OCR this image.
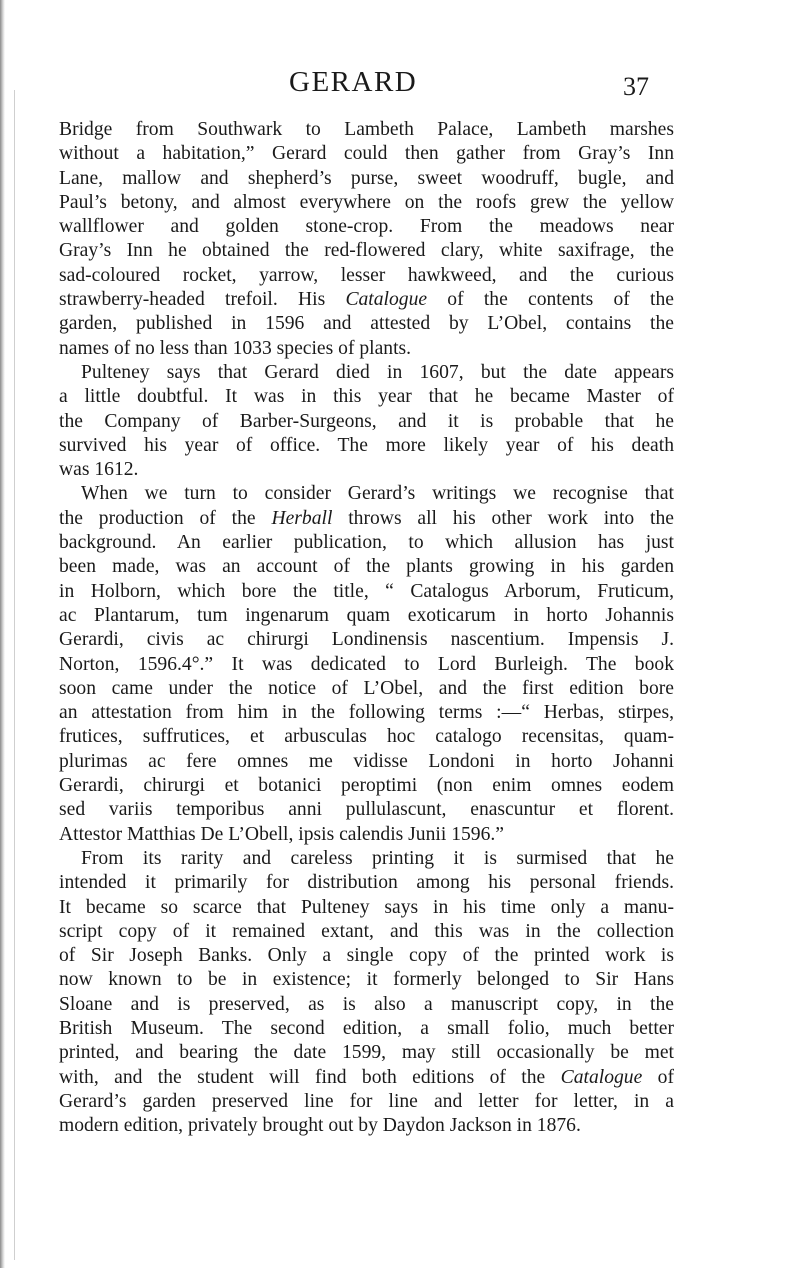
GERARD	37

Bridge from Southwark to Lambeth Palace, Lambeth marshes
without a habitation,” Gerard could then gather from Gray’s Inn
Lane, mallow and shepherd’s purse, sweet woodruff, bugle, and
Paul’s betony, and almost everywhere on the roofs grew the yellow
wallflower and golden stone-crop. From the meadows near
Gray’s Inn he obtained the red-flowered clary, white saxifrage, the
sad-coloured rocket, yarrow, lesser hawkweed, and the curious
strawberry-headed trefoil. His Catalogue of the contents of the
garden, published in 1596 and attested by L’Obel, contains the
names of no less than 1033 species of plants.

Pulteney says that Gerard died in 1607, but the date appears
a little doubtful. It was in this year that he became Master of
the Company of Barber-Surgeons, and it is probable that he
survived his year of office. The more likely year of his death
was 1612.

When we turn to consider Gerard’s writings we recognise that
the production of the Herball throws all his other work into the
background. An earlier publication, to which allusion has just
been made, was an account of the plants growing in his garden
in Holborn, which bore the title, “ Catalogus Arborum, Fruticum,
ac Plantarum, tum ingenarum quam exoticarum in horto Johannis
Gerardi, civis ac chirurgi Londinensis nascentium. Impensis J.
Norton, 1596.4°.” It was dedicated to Lord Burleigh. The book
soon came under the notice of L’Obel, and the first edition bore
an attestation from him in the following terms :—“ Herbas, stirpes,
frutices, suffrutices, et arbusculas hoc catalogo recensitas, quam-
plurimas ac fere omnes me vidisse Londoni in horto Johanni
Gerardi, chirurgi et botanici peroptimi (non enim omnes eodem
sed variis temporibus anni pullulascunt, enascuntur et florent.
Attestor Matthias De L’Obell, ipsis calendis Junii 1596.”

From its rarity and careless printing it is surmised that he
intended it primarily for distribution among his personal friends.
It became so scarce that Pulteney says in his time only a manu-
script copy of it remained extant, and this was in the collection
of Sir Joseph Banks. Only a single copy of the printed work is
now known to be in existence; it formerly belonged to Sir Hans
Sloane and is preserved, as is also a manuscript copy, in the
British Museum. The second edition, a small folio, much better
printed, and bearing the date 1599, may still occasionally be met
with, and the student will find both editions of the Catalogue of
Gerard’s garden preserved line for line and letter for letter, in a
modern edition, privately brought out by Daydon Jackson in 1876.
